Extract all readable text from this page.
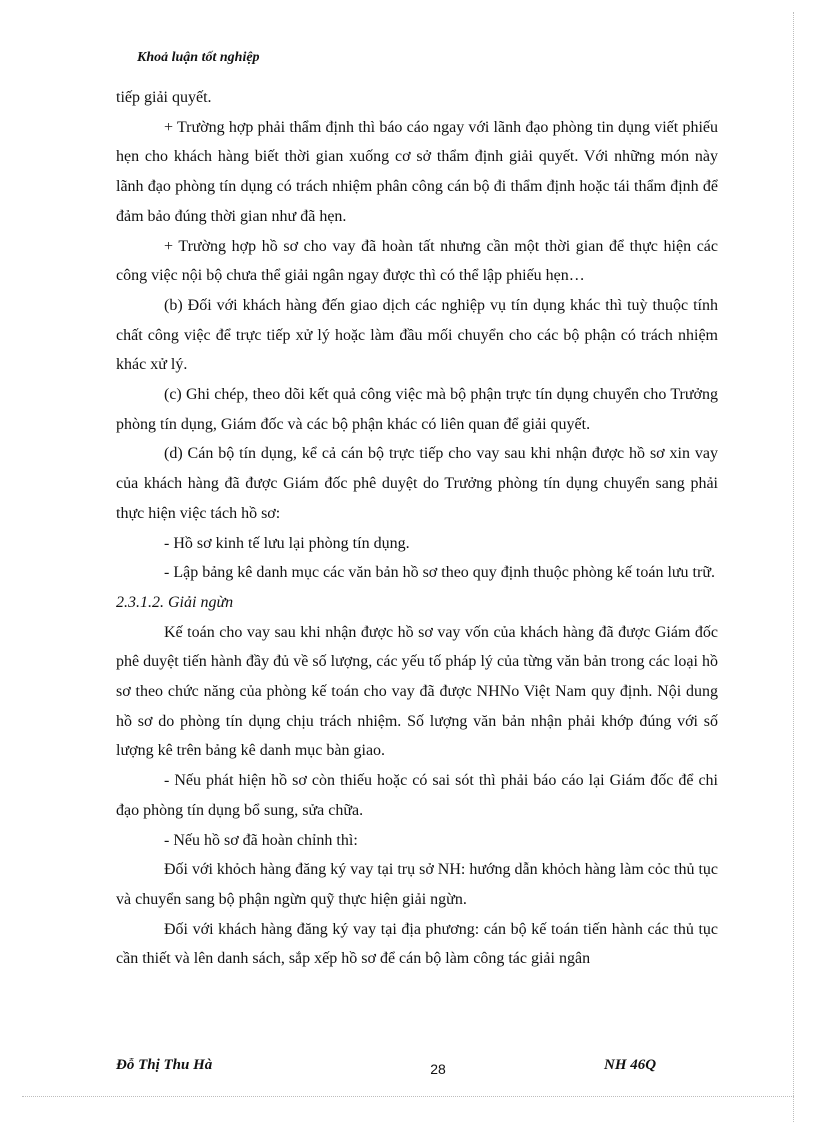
Khoả luận tốt nghiệp

tiếp giải quyết.

+ Trường hợp phải thẩm định thì báo cáo ngay với lãnh đạo phòng tin dụng viết phiếu hẹn cho khách hàng biết thời gian xuống cơ sở thẩm định giải quyết. Với những món này lãnh đạo phòng tín dụng có trách nhiệm phân công cán bộ đi thẩm định hoặc tái thẩm định để đảm bảo đúng thời gian như đã hẹn.

+ Trường hợp hồ sơ cho vay đã hoàn tất nhưng cần một thời gian để thực hiện các công việc nội bộ chưa thể giải ngân ngay được thì có thể lập phiếu hẹn…

(b) Đối với khách hàng đến giao dịch các nghiệp vụ tín dụng khác thì tuỳ thuộc tính chất công việc để trực tiếp xử lý hoặc làm đầu mối chuyển cho các bộ phận có trách nhiệm khác xử lý.

(c) Ghi chép, theo dõi kết quả công việc mà bộ phận trực tín dụng chuyển cho Trưởng phòng tín dụng, Giám đốc và các bộ phận khác có liên quan để giải quyết.

(d) Cán bộ tín dụng, kể cả cán bộ trực tiếp cho vay sau khi nhận được hồ sơ xin vay của khách hàng đã được Giám đốc phê duyệt do Trưởng phòng tín dụng chuyển sang phải thực hiện việc tách hồ sơ:

- Hồ sơ kinh tế lưu lại phòng tín dụng.

- Lập bảng kê danh mục các văn bản hồ sơ theo quy định thuộc phòng kế toán lưu trữ.

2.3.1.2. Giải ngừn

Kế toán cho vay sau khi nhận được hồ sơ vay vốn của khách hàng đã được Giám đốc phê duyệt tiến hành đầy đủ về số lượng, các yếu tố pháp lý của từng văn bản trong các loại hồ sơ theo chức năng của phòng kế toán cho vay đã được NHNo Việt Nam quy định. Nội dung hồ sơ do phòng tín dụng chịu trách nhiệm. Số lượng văn bản nhận phải khớp đúng với số lượng kê trên bảng kê danh mục bàn giao.

- Nếu phát hiện hồ sơ còn thiếu hoặc có sai sót thì phải báo cáo lại Giám đốc để chi đạo phòng tín dụng bổ sung, sửa chữa.

- Nếu hồ sơ đã hoàn chỉnh thì:

Đối với khỏch hàng đăng ký vay tại trụ sở NH: hướng dẫn khỏch hàng làm cỏc thủ tục và chuyển sang bộ phận ngừn quỹ thực hiện giải ngừn.

Đối với khách hàng đăng ký vay tại địa phương: cán bộ kế toán tiến hành các thủ tục cần thiết và lên danh sách, sắp xếp hồ sơ để cán bộ làm công tác giải ngân

Đỗ Thị Thu Hà	28	NH 46Q
